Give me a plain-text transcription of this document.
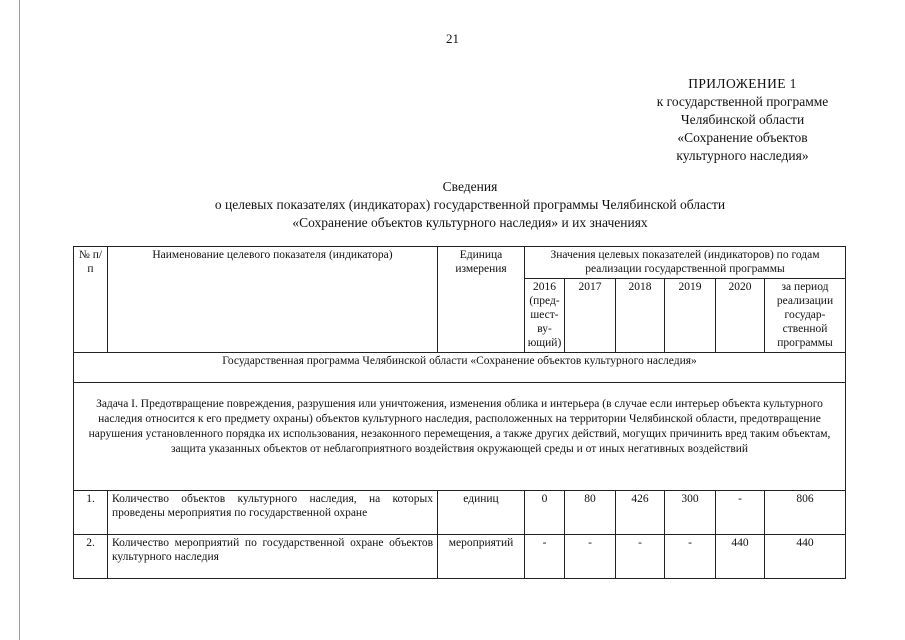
21
ПРИЛОЖЕНИЕ 1
к государственной программе
Челябинской области
«Сохранение объектов
культурного наследия»
Сведения
о целевых показателях (индикаторах) государственной программы Челябинской области
«Сохранение объектов культурного наследия» и их значениях
№ п/п	Наименование целевого показателя (индикатора)	Единица измерения	Значения целевых показателей (индикатоpов) по годам реализации государственной программы					
			2016 (пред-шест-ву-ющий)	2017	2018	2019	2020	за период реализации государ-ственной программы
Государственная программа Челябинской области «Сохранение объектов культурного наследия»								
Задача I. Предотвращение повреждения, разрушения или уничтожения, изменения облика и интерьера (в случае если интерьер объекта культурного наследия относится к его предмету охраны) объектов культурного наследия, расположенных на территории Челябинской области, предотвращение нарушения установленного порядка их использования, незаконного перемещения, а также других действий, могущих причинить вред таким объектам, защита указанных объектов от неблагоприятного воздействия окружающей среды и от иных негативных воздействий								
1.	Количество объектов культурного наследия, на которых проведены мероприятия по государственной охране	единиц	0	80	426	300	-	806
2.	Количество мероприятий по государственной охране объектов культурного наследия	мероприятий	-	-	-	-	440	440
